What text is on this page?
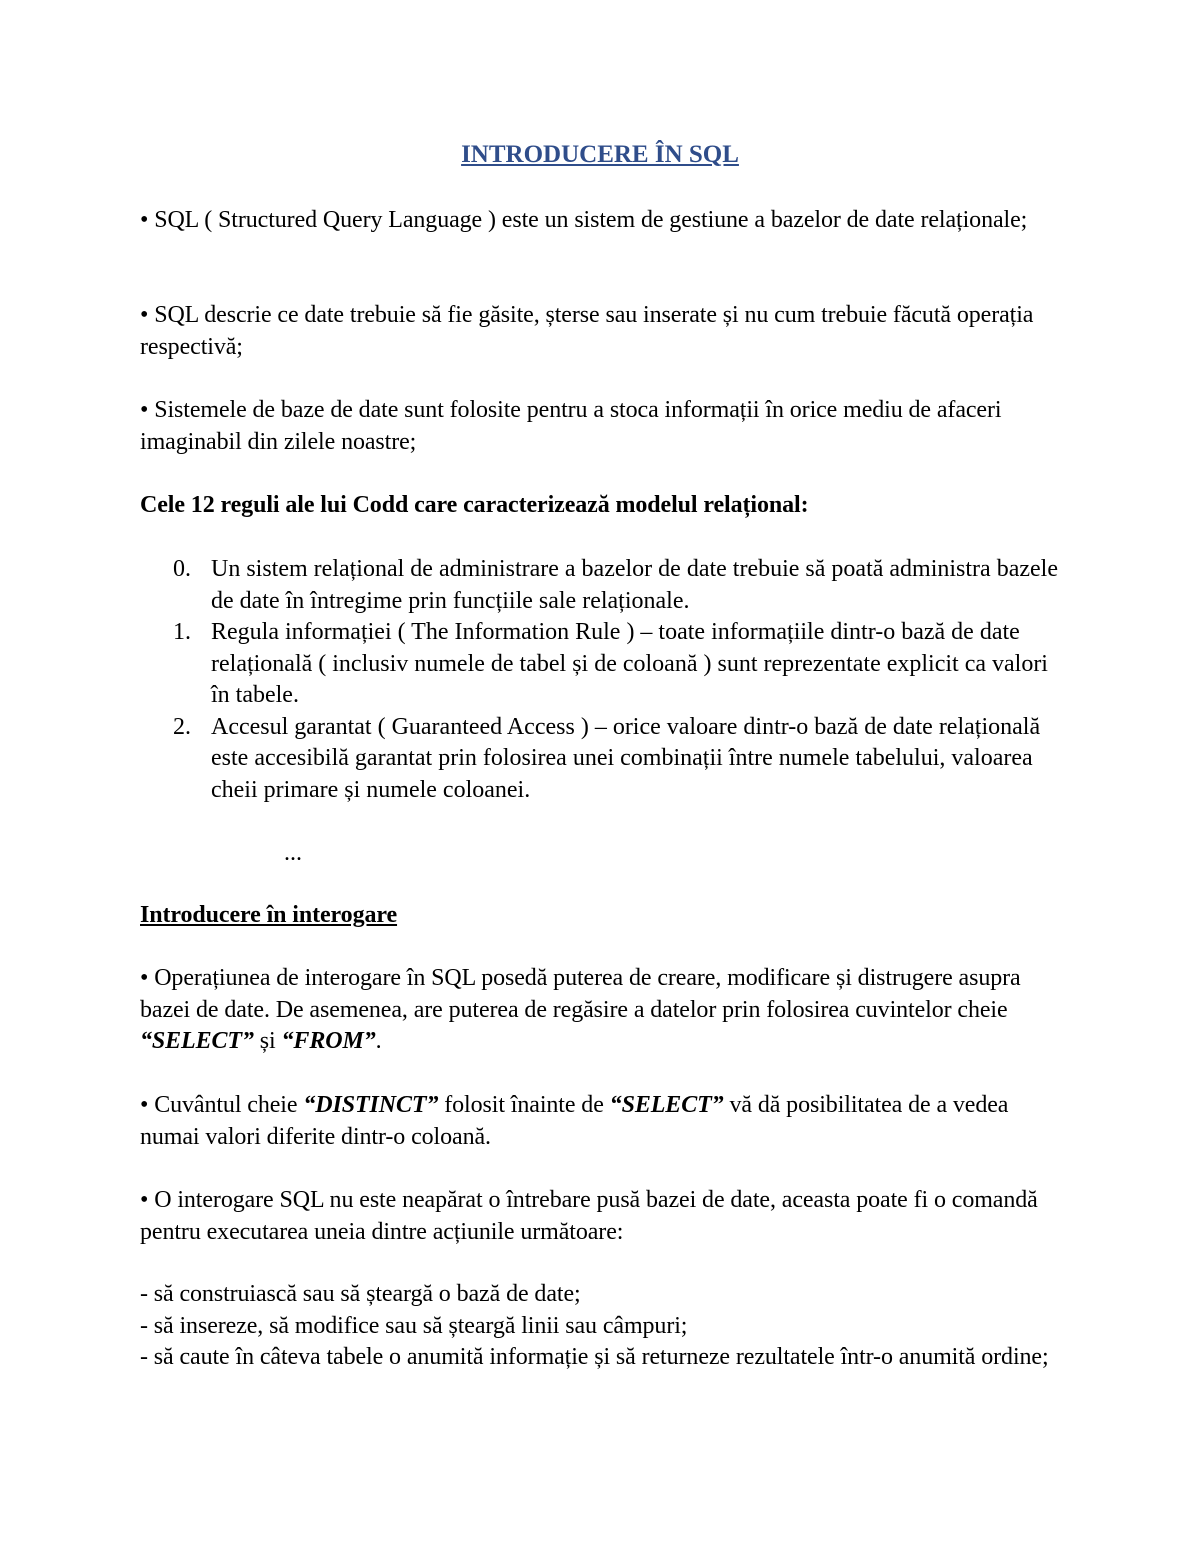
INTRODUCERE ÎN SQL
• SQL ( Structured Query Language ) este un sistem de gestiune a bazelor de date relaționale;
• SQL descrie ce date trebuie să fie găsite, șterse sau inserate și nu cum trebuie făcută operația respectivă;
• Sistemele de baze de date sunt folosite pentru a stoca informații în orice mediu de afaceri imaginabil din zilele noastre;
Cele 12 reguli ale lui Codd care caracterizează modelul relațional:
0. Un sistem relațional de administrare a bazelor de date trebuie să poată administra bazele de date în întregime prin funcțiile sale relaționale.
1. Regula informației ( The Information Rule ) – toate informațiile dintr-o bază de date relațională ( inclusiv numele de tabel și de coloană ) sunt reprezentate explicit ca valori în tabele.
2. Accesul garantat ( Guaranteed Access ) – orice valoare dintr-o bază de date relațională este accesibilă garantat prin folosirea unei combinații între numele tabelului, valoarea cheii primare și numele coloanei.
...
Introducere în interogare
• Operațiunea de interogare în SQL posedă puterea de creare, modificare și distrugere asupra bazei de date. De asemenea, are puterea de regăsire a datelor prin folosirea cuvintelor cheie “SELECT” și “FROM”.
• Cuvântul cheie “DISTINCT” folosit înainte de “SELECT” vă dă posibilitatea de a vedea numai valori diferite dintr-o coloană.
• O interogare SQL nu este neapărat o întrebare pusă bazei de date, aceasta poate fi o comandă pentru executarea uneia dintre acțiunile următoare:
- să construiască sau să șteargă o bază de date;
- să insereze, să modifice sau să șteargă linii sau câmpuri;
- să caute în câteva tabele o anumită informație și să returneze rezultatele într-o anumită ordine;
